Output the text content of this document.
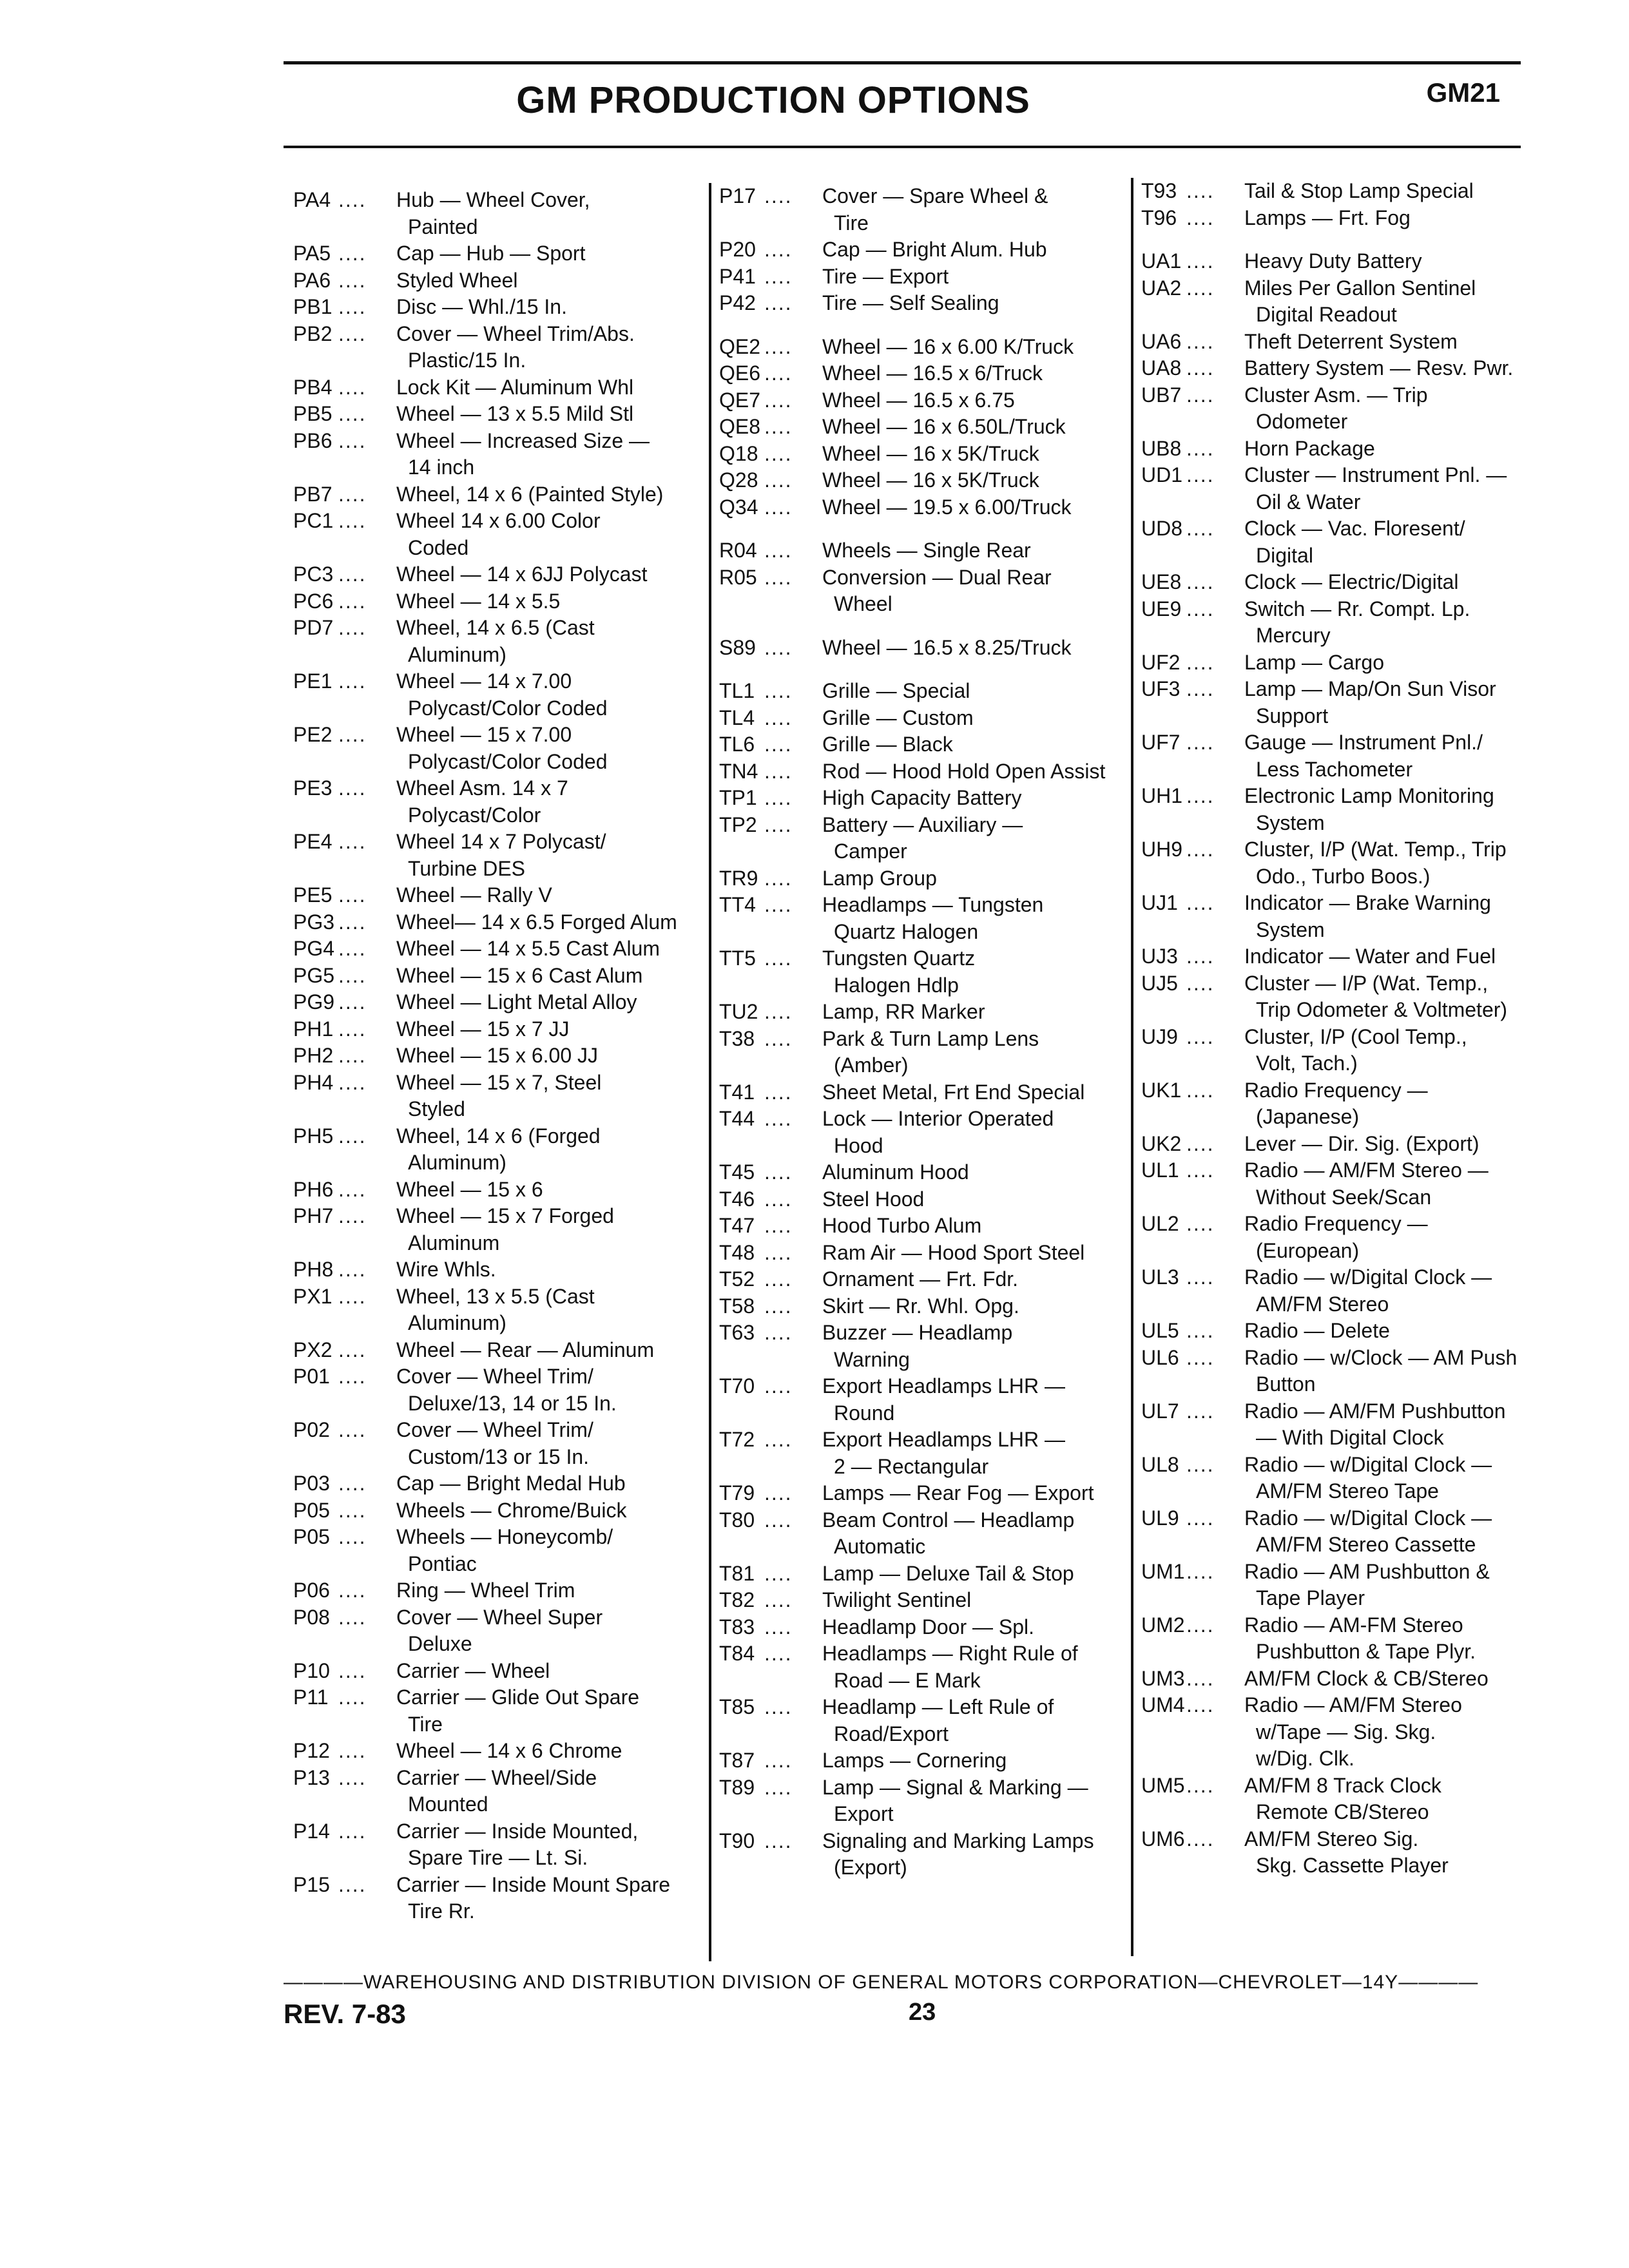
GM PRODUCTION OPTIONS	GM21
PA4 ....	Hub — Wheel Cover,
Painted
PA5 ....	Cap — Hub — Sport
PA6 ....	Styled Wheel
PB1 ....	Disc — Whl./15 In.
PB2 ....	Cover — Wheel Trim/Abs.
Plastic/15 In.
PB4 ....	Lock Kit — Aluminum Whl
PB5 ....	Wheel — 13 x 5.5 Mild Stl
PB6 ....	Wheel — Increased Size —
14 inch
PB7 ....	Wheel, 14 x 6 (Painted Style)
PC1 ....	Wheel 14 x 6.00 Color
Coded
PC3 ....	Wheel — 14 x 6JJ Polycast
PC6 ....	Wheel — 14 x 5.5
PD7 ....	Wheel, 14 x 6.5 (Cast
Aluminum)
PE1 ....	Wheel — 14 x 7.00
Polycast/Color Coded
PE2 ....	Wheel — 15 x 7.00
Polycast/Color Coded
PE3 ....	Wheel Asm. 14 x 7
Polycast/Color
PE4 ....	Wheel 14 x 7 Polycast/
Turbine DES
PE5 ....	Wheel — Rally V
PG3 ....	Wheel— 14 x 6.5 Forged Alum
PG4 ....	Wheel — 14 x 5.5 Cast Alum
PG5 ....	Wheel — 15 x 6 Cast Alum
PG9 ....	Wheel — Light Metal Alloy
PH1 ....	Wheel — 15 x 7 JJ
PH2 ....	Wheel — 15 x 6.00 JJ
PH4 ....	Wheel — 15 x 7, Steel
Styled
PH5 ....	Wheel, 14 x 6 (Forged
Aluminum)
PH6 ....	Wheel — 15 x 6
PH7 ....	Wheel — 15 x 7 Forged
Aluminum
PH8 ....	Wire Whls.
PX1 ....	Wheel, 13 x 5.5 (Cast
Aluminum)
PX2 ....	Wheel — Rear — Aluminum
P01 ....	Cover — Wheel Trim/
Deluxe/13, 14 or 15 In.
P02 ....	Cover — Wheel Trim/
Custom/13 or 15 In.
P03 ....	Cap — Bright Medal Hub
P05 ....	Wheels — Chrome/Buick
P05 ....	Wheels — Honeycomb/
Pontiac
P06 ....	Ring — Wheel Trim
P08 ....	Cover — Wheel Super
Deluxe
P10 ....	Carrier — Wheel
P11 ....	Carrier — Glide Out Spare
Tire
P12 ....	Wheel — 14 x 6 Chrome
P13 ....	Carrier — Wheel/Side
Mounted
P14 ....	Carrier — Inside Mounted,
Spare Tire — Lt. Si.
P15 ....	Carrier — Inside Mount Spare
Tire Rr.
P17 ....	Cover — Spare Wheel &
Tire
P20 ....	Cap — Bright Alum. Hub
P41 ....	Tire — Export
P42 ....	Tire — Self Sealing
QE2 ....	Wheel — 16 x 6.00 K/Truck
QE6 ....	Wheel — 16.5 x 6/Truck
QE7 ....	Wheel — 16.5 x 6.75
QE8 ....	Wheel — 16 x 6.50L/Truck
Q18 ....	Wheel — 16 x 5K/Truck
Q28 ....	Wheel — 16 x 5K/Truck
Q34 ....	Wheel — 19.5 x 6.00/Truck
R04 ....	Wheels — Single Rear
R05 ....	Conversion — Dual Rear
Wheel
S89 ....	Wheel — 16.5 x 8.25/Truck
TL1 ....	Grille — Special
TL4 ....	Grille — Custom
TL6 ....	Grille — Black
TN4 ....	Rod — Hood Hold Open Assist
TP1 ....	High Capacity Battery
TP2 ....	Battery — Auxiliary —
Camper
TR9 ....	Lamp Group
TT4 ....	Headlamps — Tungsten
Quartz Halogen
TT5 ....	Tungsten Quartz
Halogen Hdlp
TU2 ....	Lamp, RR Marker
T38 ....	Park & Turn Lamp Lens
(Amber)
T41 ....	Sheet Metal, Frt End Special
T44 ....	Lock — Interior Operated
Hood
T45 ....	Aluminum Hood
T46 ....	Steel Hood
T47 ....	Hood Turbo Alum
T48 ....	Ram Air — Hood Sport Steel
T52 ....	Ornament — Frt. Fdr.
T58 ....	Skirt — Rr. Whl. Opg.
T63 ....	Buzzer — Headlamp
Warning
T70 ....	Export Headlamps LHR —
Round
T72 ....	Export Headlamps LHR —
2 — Rectangular
T79 ....	Lamps — Rear Fog — Export
T80 ....	Beam Control — Headlamp
Automatic
T81 ....	Lamp — Deluxe Tail & Stop
T82 ....	Twilight Sentinel
T83 ....	Headlamp Door — Spl.
T84 ....	Headlamps — Right Rule of
Road — E Mark
T85 ....	Headlamp — Left Rule of
Road/Export
T87 ....	Lamps — Cornering
T89 ....	Lamp — Signal & Marking —
Export
T90 ....	Signaling and Marking Lamps
(Export)
T93 ....	Tail & Stop Lamp Special
T96 ....	Lamps — Frt. Fog
UA1 ....	Heavy Duty Battery
UA2 ....	Miles Per Gallon Sentinel
Digital Readout
UA6 ....	Theft Deterrent System
UA8 ....	Battery System — Resv. Pwr.
UB7 ....	Cluster Asm. — Trip
Odometer
UB8 ....	Horn Package
UD1 ....	Cluster — Instrument Pnl. —
Oil & Water
UD8 ....	Clock — Vac. Floresent/
Digital
UE8 ....	Clock — Electric/Digital
UE9 ....	Switch — Rr. Compt. Lp.
Mercury
UF2 ....	Lamp — Cargo
UF3 ....	Lamp — Map/On Sun Visor
Support
UF7 ....	Gauge — Instrument Pnl./
Less Tachometer
UH1 ....	Electronic Lamp Monitoring
System
UH9 ....	Cluster, I/P (Wat. Temp., Trip
Odo., Turbo Boos.)
UJ1 ....	Indicator — Brake Warning
System
UJ3 ....	Indicator — Water and Fuel
UJ5 ....	Cluster — I/P (Wat. Temp.,
Trip Odometer & Voltmeter)
UJ9 ....	Cluster, I/P (Cool Temp.,
Volt, Tach.)
UK1 ....	Radio Frequency —
(Japanese)
UK2 ....	Lever — Dir. Sig. (Export)
UL1 ....	Radio — AM/FM Stereo —
Without Seek/Scan
UL2 ....	Radio Frequency —
(European)
UL3 ....	Radio — w/Digital Clock —
AM/FM Stereo
UL5 ....	Radio — Delete
UL6 ....	Radio — w/Clock — AM Push
Button
UL7 ....	Radio — AM/FM Pushbutton
— With Digital Clock
UL8 ....	Radio — w/Digital Clock —
AM/FM Stereo Tape
UL9 ....	Radio — w/Digital Clock —
AM/FM Stereo Cassette
UM1 ....	Radio — AM Pushbutton &
Tape Player
UM2 ....	Radio — AM-FM Stereo
Pushbutton & Tape Plyr.
UM3 ....	AM/FM Clock & CB/Stereo
UM4 ....	Radio — AM/FM Stereo
w/Tape — Sig. Skg.
w/Dig. Clk.
UM5 ....	AM/FM 8 Track Clock
Remote CB/Stereo
UM6 ....	AM/FM Stereo Sig.
Skg. Cassette Player
————WAREHOUSING AND DISTRIBUTION DIVISION OF GENERAL MOTORS CORPORATION—CHEVROLET—14Y————
REV. 7-83	23
